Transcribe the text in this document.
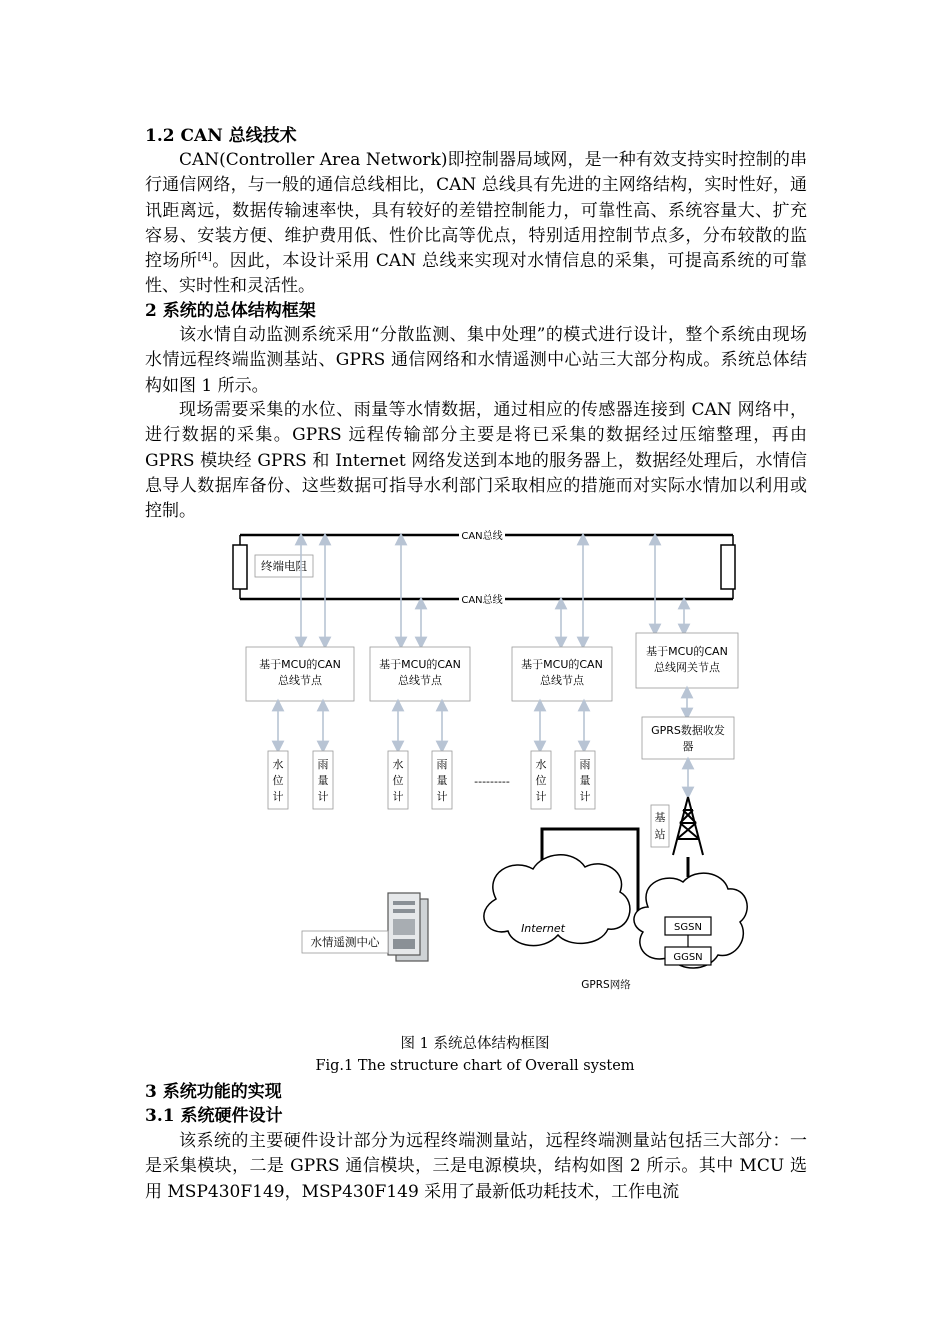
1.2 CAN 总线技术

CAN(Controller Area Network)即控制器局域网，是一种有效支持实时控制的串行通信网络，与一般的通信总线相比，CAN 总线具有先进的主网络结构，实时性好，通讯距离远，数据传输速率快，具有较好的差错控制能力，可靠性高、系统容量大、扩充容易、安装方便、维护费用低、性价比高等优点，特别适用控制节点多，分布较散的监控场所[4]。因此，本设计采用 CAN 总线来实现对水情信息的采集，可提高系统的可靠性、实时性和灵活性。

2 系统的总体结构框架

该水情自动监测系统采用“分散监测、集中处理”的模式进行设计，整个系统由现场水情远程终端监测基站、GPRS 通信网络和水情遥测中心站三大部分构成。系统总体结构如图 1 所示。

现场需要采集的水位、雨量等水情数据，通过相应的传感器连接到 CAN 网络中，进行数据的采集。GPRS 远程传输部分主要是将已采集的数据经过压缩整理，再由 GPRS 模块经 GPRS 和 Internet 网络发送到本地的服务器上，数据经处理后，水情信息导人数据库备份、这些数据可指导水利部门采取相应的措施而对实际水情加以利用或控制。

CAN总线
CAN总线
终端电阻
基于MCU的CAN
总线节点
基于MCU的CAN
总线节点
基于MCU的CAN
总线节点
基于MCU的CAN
总线网关节点
水
位
计
雨
量
计
水
位
计
雨
量
计
---------
水
位
计
雨
量
计
GPRS数据收发
器
基
站
Internet	SGSN
GGSN
GPRS网络
水情遥测中心

图 1 系统总体结构框图

Fig.1 The structure chart of Overall system

3 系统功能的实现
3.1 系统硬件设计

该系统的主要硬件设计部分为远程终端测量站，远程终端测量站包括三大部分：一是采集模块，二是 GPRS 通信模块，三是电源模块，结构如图 2 所示。其中 MCU 选用 MSP430F149，MSP430F149 采用了最新低功耗技术，工作电流
